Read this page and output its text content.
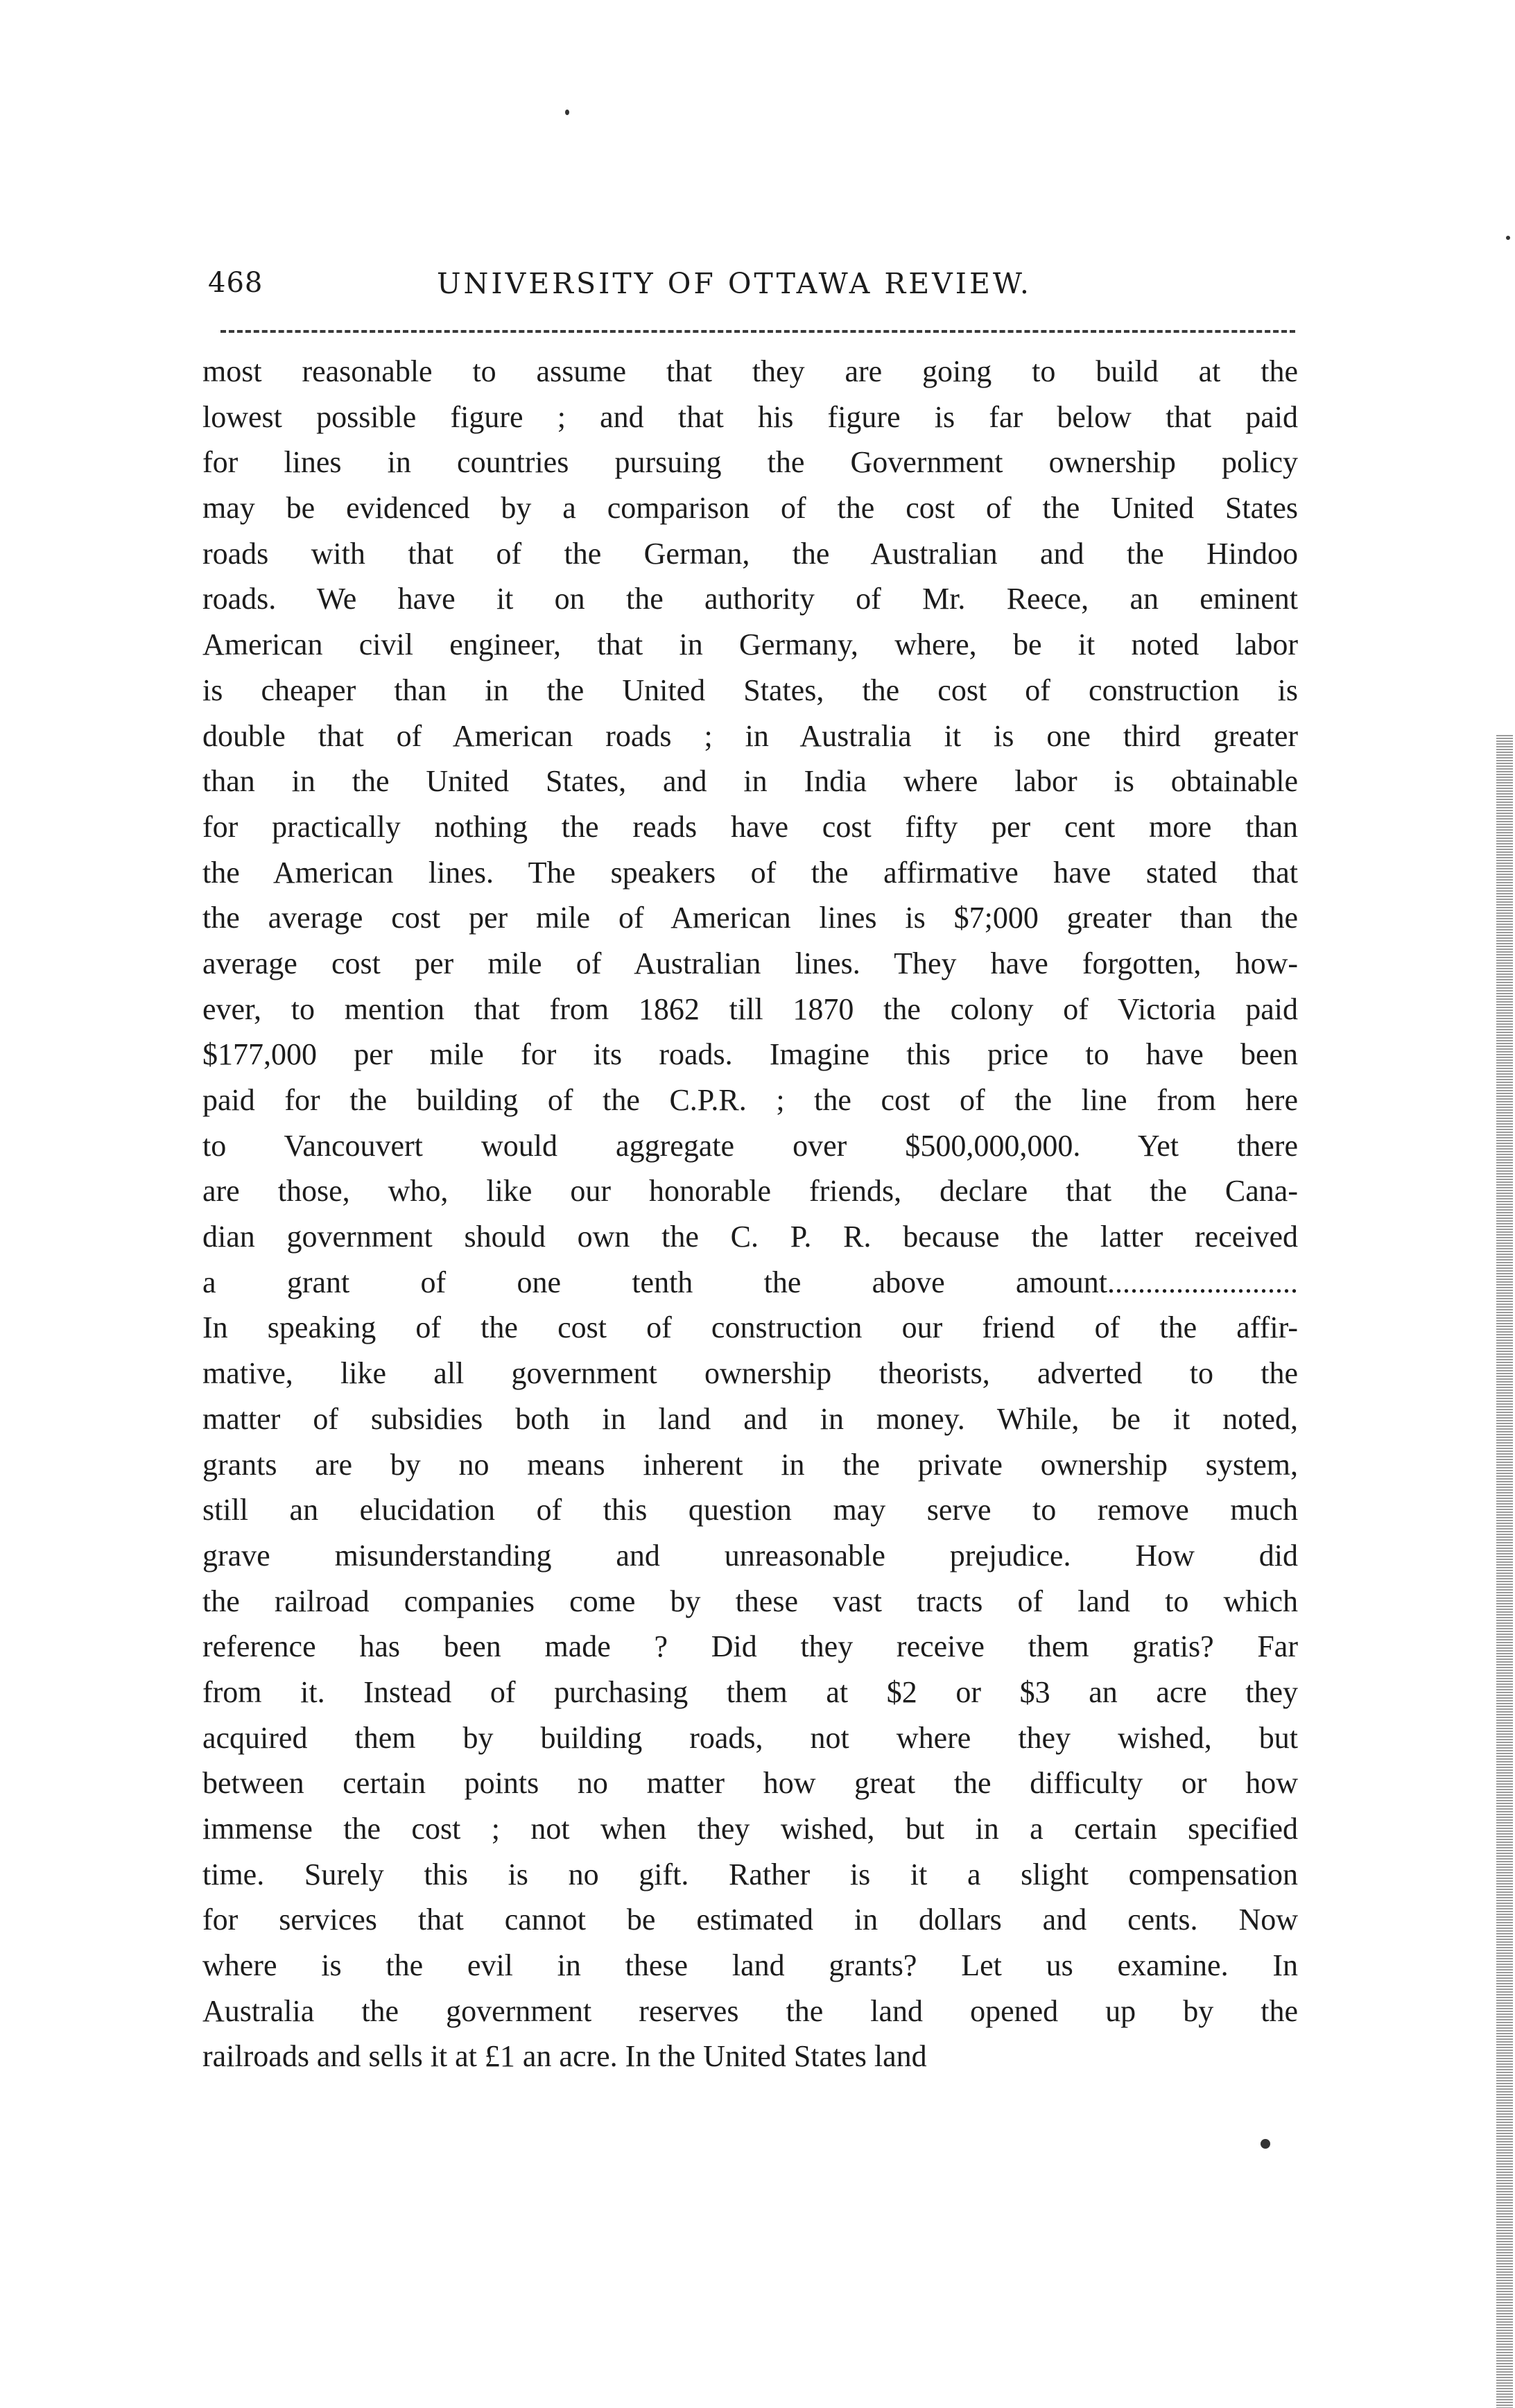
468	UNIVERSITY OF OTTAWA REVIEW.
most reasonable to assume that they are going to build at the
lowest possible figure ; and that his figure is far below that paid
for lines in countries pursuing the Government ownership policy
may be evidenced by a comparison of the cost of the United States
roads with that of the German, the Australian and the Hindoo
roads. We have it on the authority of Mr. Reece, an eminent
American civil engineer, that in Germany, where, be it noted labor
is cheaper than in the United States, the cost of construction is
double that of American roads ; in Australia it is one third greater
than in the United States, and in India where labor is obtainable
for practically nothing the reads have cost fifty per cent more than
the American lines. The speakers of the affirmative have stated that
the average cost per mile of American lines is $7;000 greater than the
average cost per mile of Australian lines. They have forgotten, how-
ever, to mention that from 1862 till 1870 the colony of Victoria paid
$177,000 per mile for its roads. Imagine this price to have been
paid for the building of the C.P.R. ; the cost of the line from here
to Vancouvert would aggregate over $500,000,000. Yet there
are those, who, like our honorable friends, declare that the Cana-
dian government should own the C. P. R. because the latter received
a grant of one tenth the above amount.........................
In speaking of the cost of construction our friend of the affir-
mative, like all government ownership theorists, adverted to the
matter of subsidies both in land and in money. While, be it noted,
grants are by no means inherent in the private ownership system,
still an elucidation of this question may serve to remove much
grave misunderstanding and unreasonable prejudice. How did
the railroad companies come by these vast tracts of land to which
reference has been made ? Did they receive them gratis? Far
from it. Instead of purchasing them at $2 or $3 an acre they
acquired them by building roads, not where they wished, but
between certain points no matter how great the difficulty or how
immense the cost ; not when they wished, but in a certain specified
time. Surely this is no gift. Rather is it a slight compensation
for services that cannot be estimated in dollars and cents. Now
where is the evil in these land grants? Let us examine. In
Australia the government reserves the land opened up by the
railroads and sells it at £1 an acre. In the United States land
